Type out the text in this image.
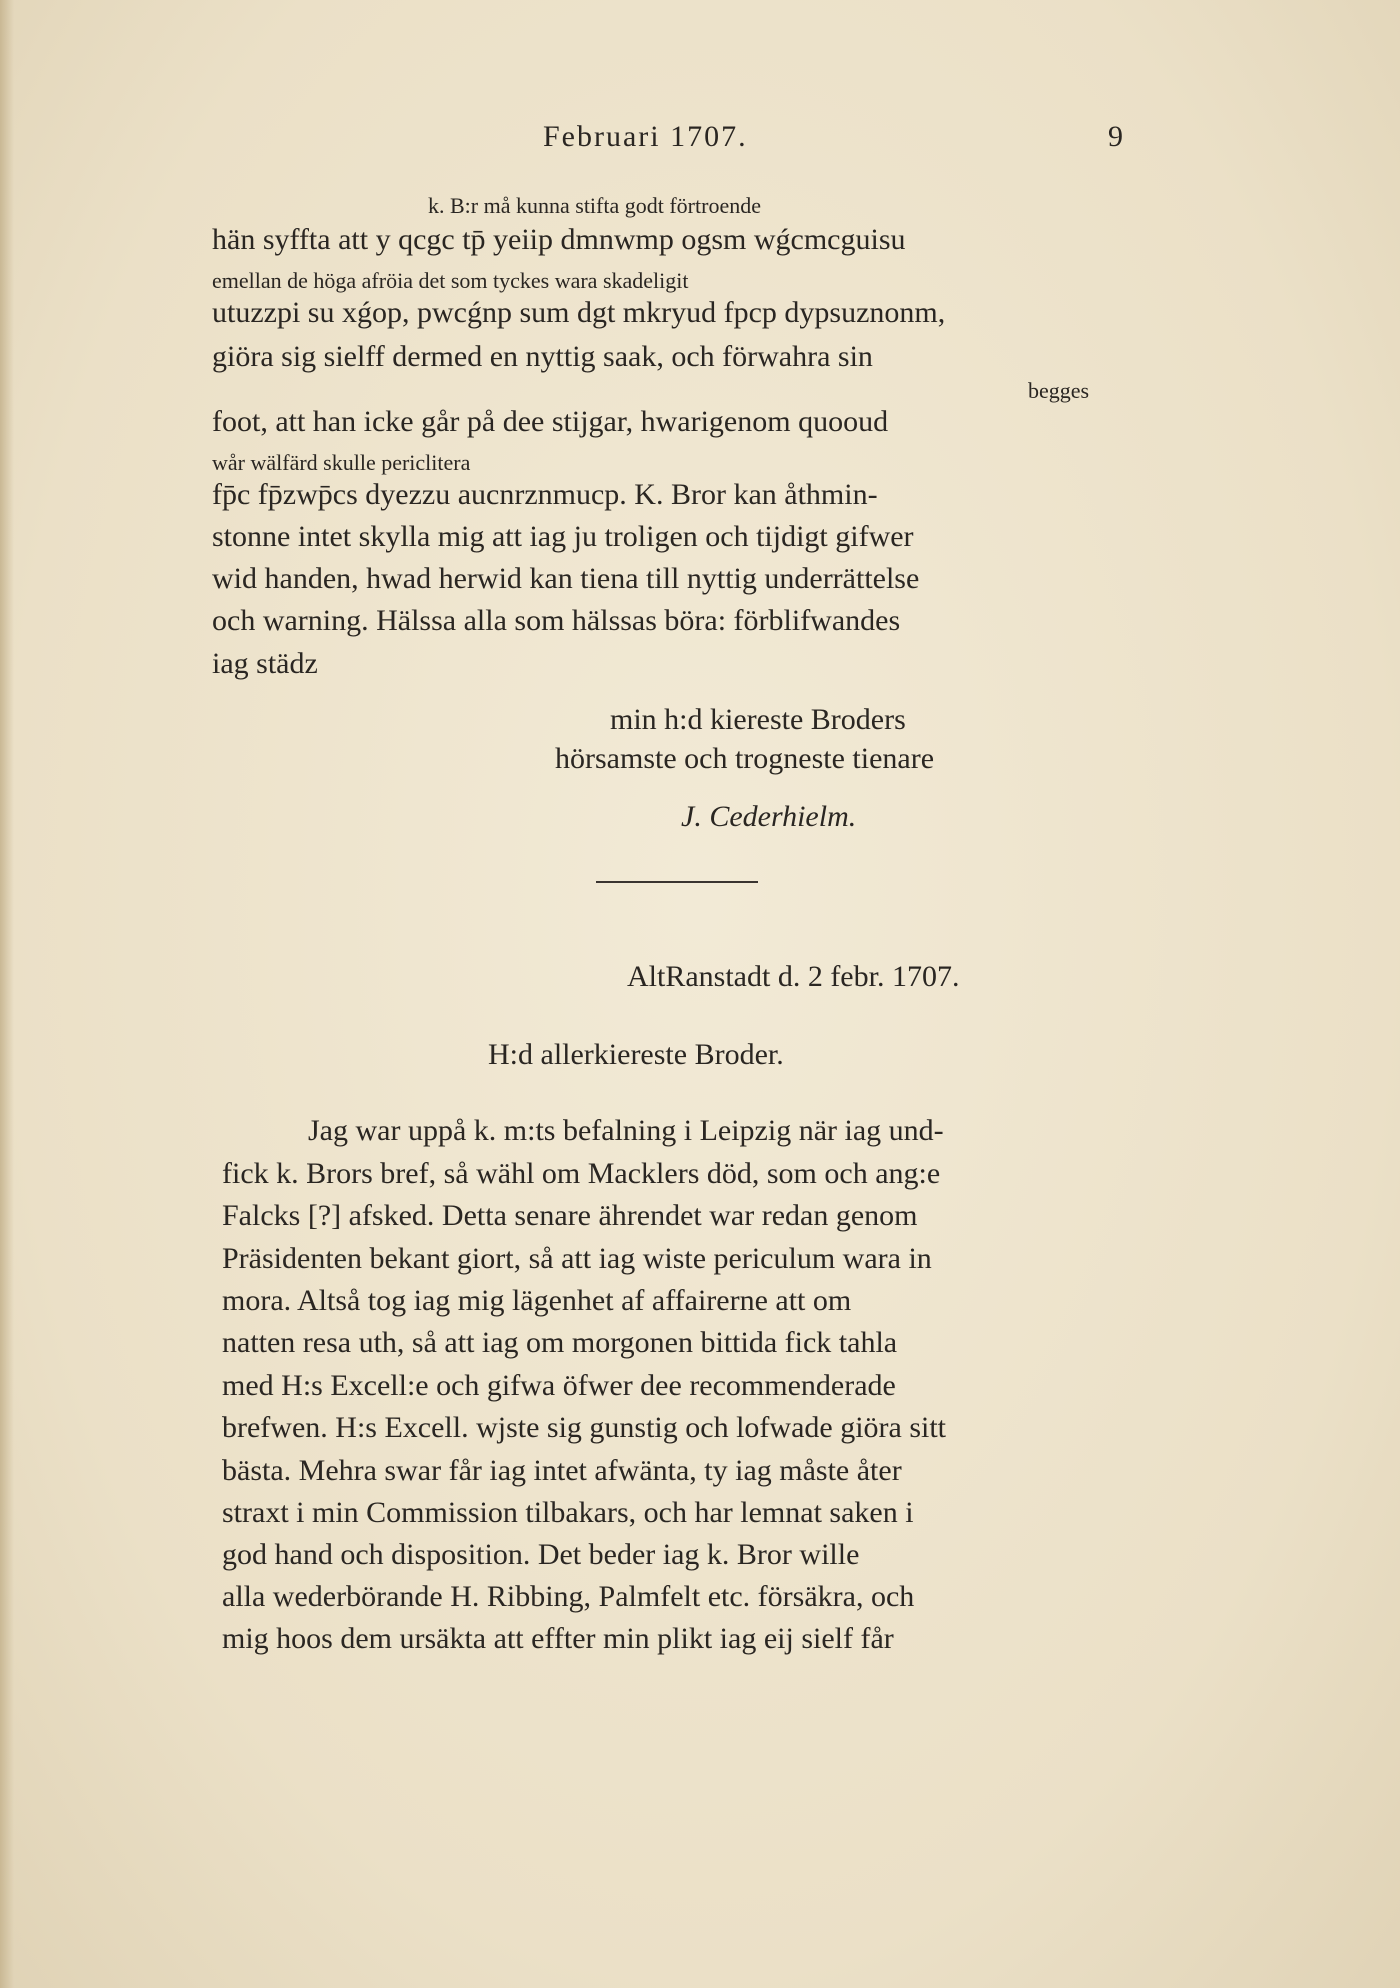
Februari 1707.	9
k. B:r må kunna stifta godt förtroende
hän syffta att y qcgc tp̄ yeiip dmnwmp ogsm wǵcmcguisu
emellan de höga afröia det som tyckes wara skadeligit
utuzzpi su xǵop, pwcǵnp sum dgt mkryud fpcp dypsuznonm,
giöra sig sielff dermed en nyttig saak, och förwahra sin
begges
foot, att han icke går på dee stijgar, hwarigenom quooud
wår wälfärd skulle periclitera
fp̄c fp̄zwp̄cs dyezzu aucnrznmucp. K. Bror kan åthmin-
stonne intet skylla mig att iag ju troligen och tijdigt gifwer
wid handen, hwad herwid kan tiena till nyttig underrättelse
och warning. Hälssa alla som hälssas böra: förblifwandes
iag städz
min h:d kiereste Broders
hörsamste och trogneste tienare
J. Cederhielm.
AltRanstadt d. 2 febr. 1707.
H:d allerkiereste Broder.
Jag war uppå k. m:ts befalning i Leipzig när iag und-
fick k. Brors bref, så wähl om Macklers död, som och ang:e
Falcks [?] afsked. Detta senare ährendet war redan genom
Präsidenten bekant giort, så att iag wiste periculum wara in
mora. Altså tog iag mig lägenhet af affairerne att om
natten resa uth, så att iag om morgonen bittida fick tahla
med H:s Excell:e och gifwa öfwer dee recommenderade
brefwen. H:s Excell. wjste sig gunstig och lofwade giöra sitt
bästa. Mehra swar får iag intet afwänta, ty iag måste åter
straxt i min Commission tilbakars, och har lemnat saken i
god hand och disposition. Det beder iag k. Bror wille
alla wederbörande H. Ribbing, Palmfelt etc. försäkra, och
mig hoos dem ursäkta att effter min plikt iag eij sielf får
